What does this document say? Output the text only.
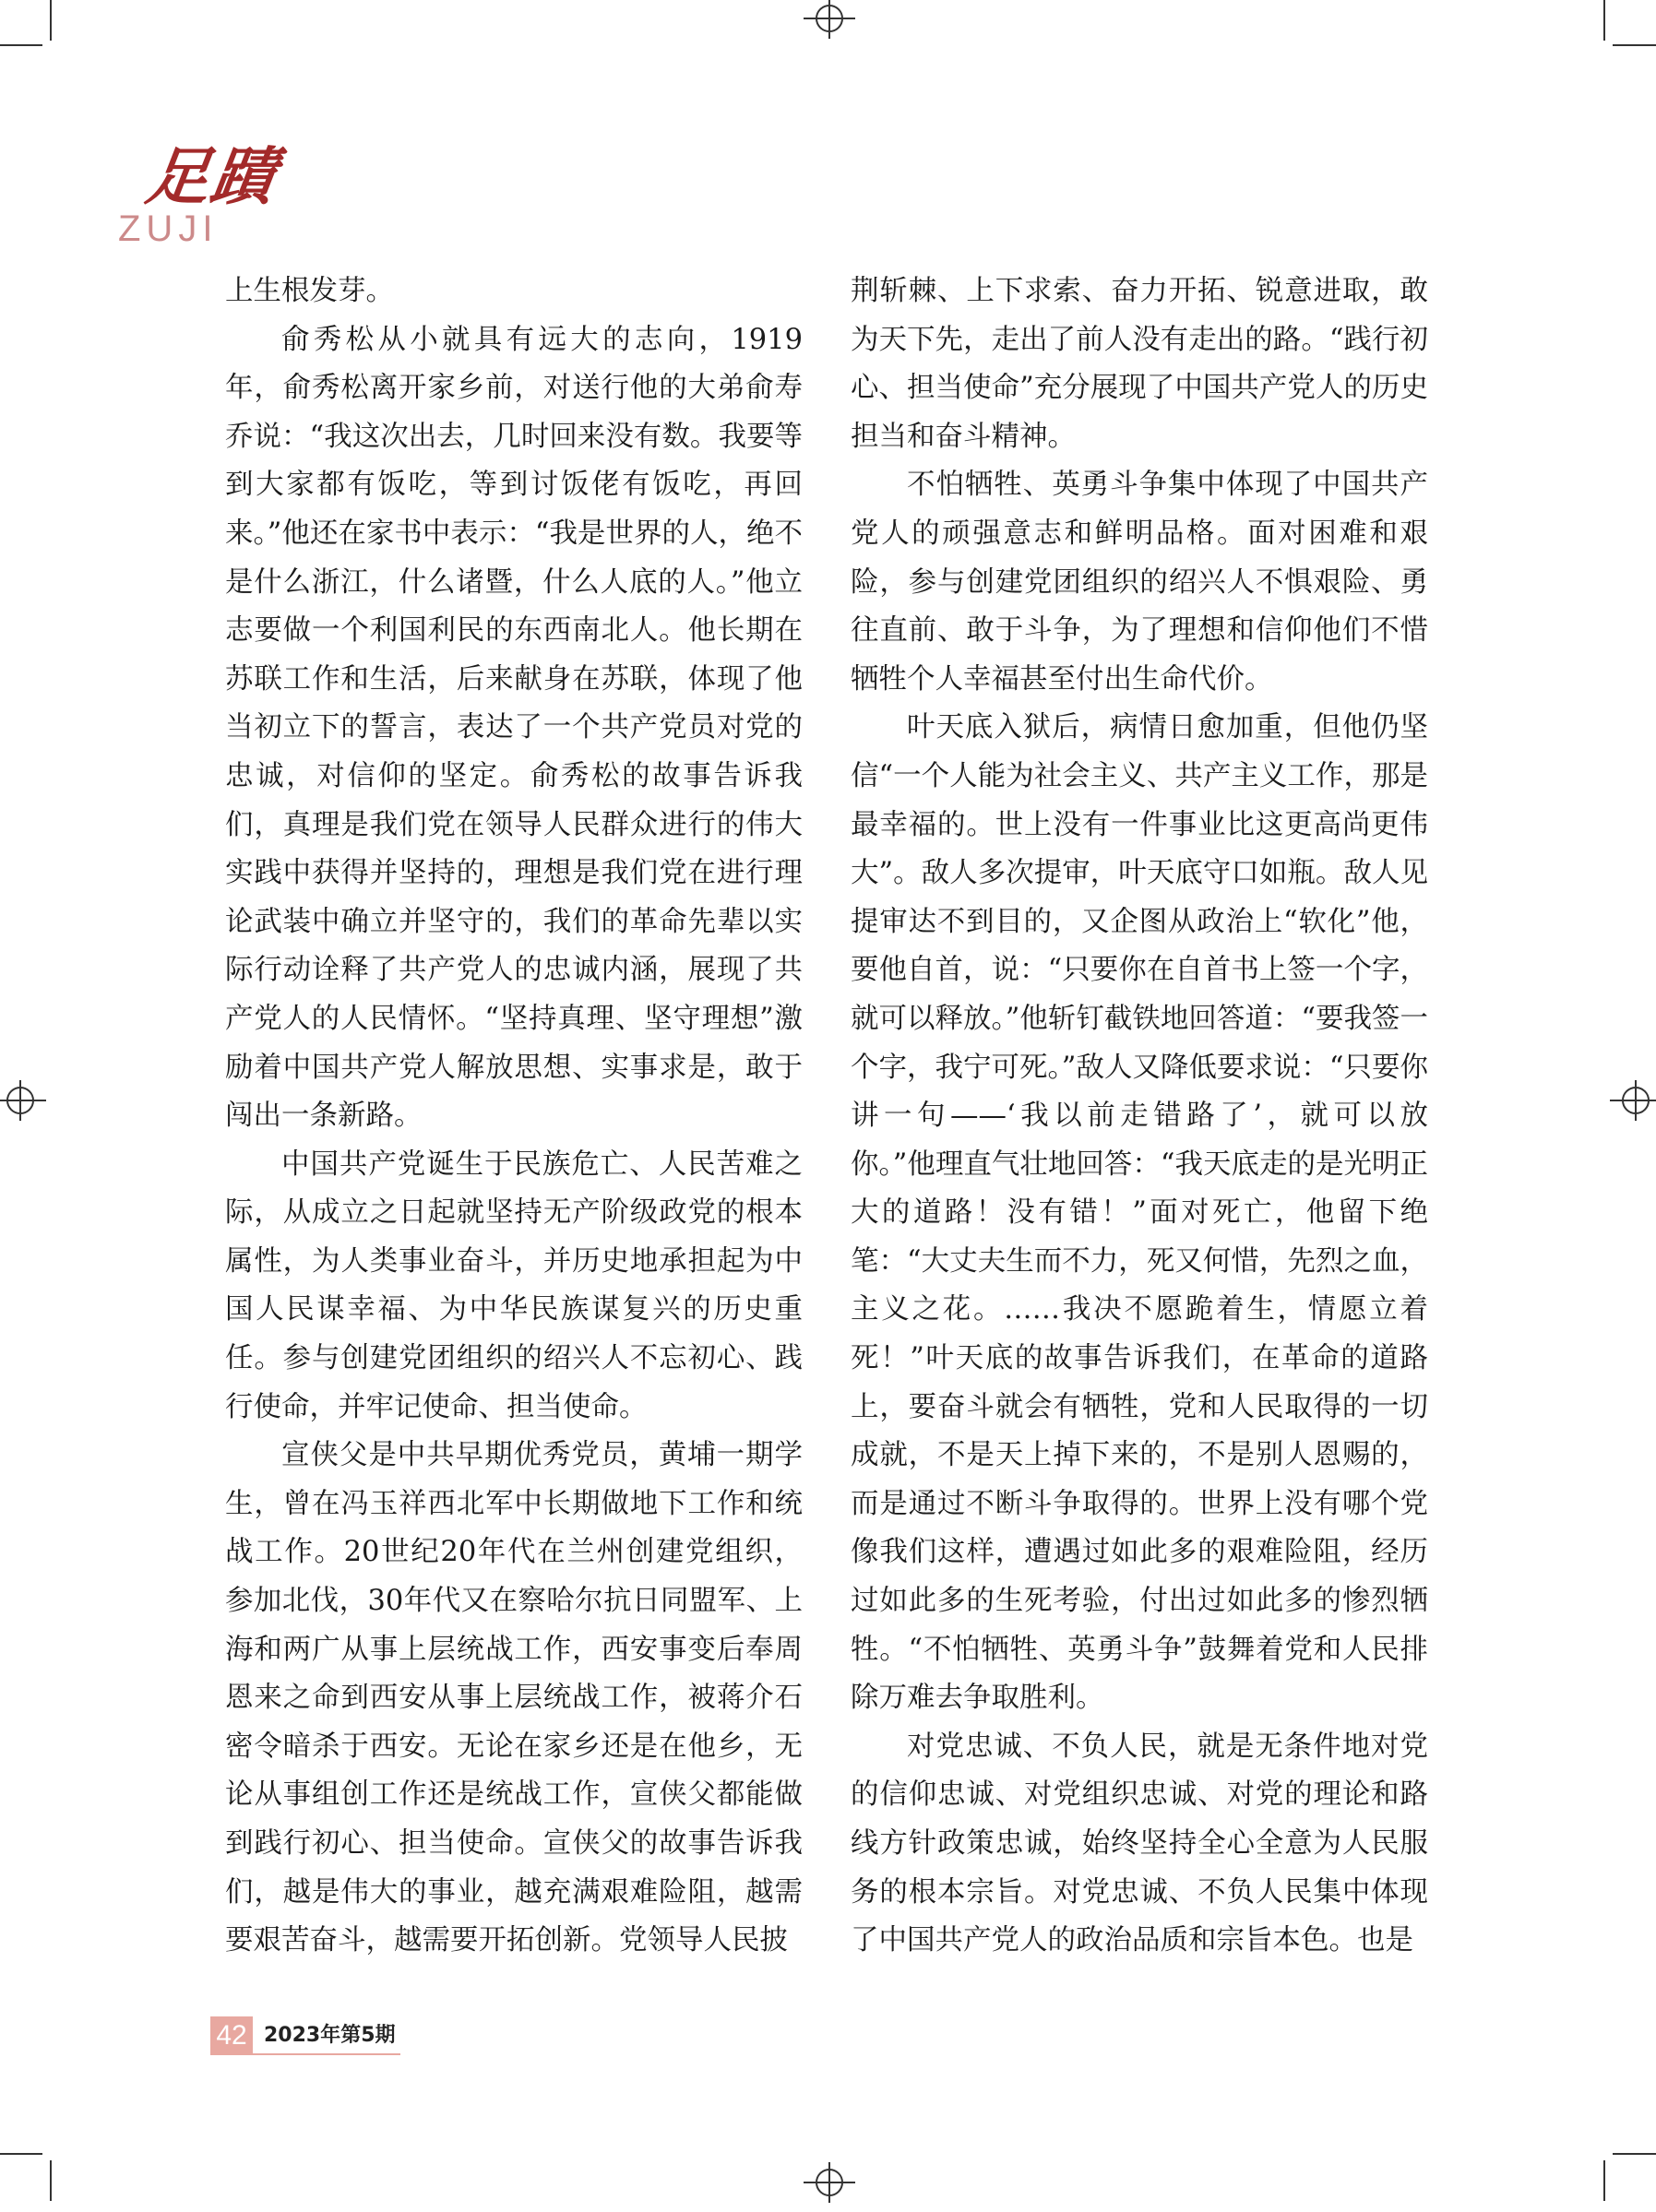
足蹟
ZUJI

上生根发芽。

俞秀松从小就具有远大的志向，1919年，俞秀松离开家乡前，对送行他的大弟俞寿乔说：“我这次出去，几时回来没有数。我要等到大家都有饭吃，等到讨饭佬有饭吃，再回来。”他还在家书中表示：“我是世界的人，绝不是什么浙江，什么诸暨，什么人底的人。”他立志要做一个利国利民的东西南北人。他长期在苏联工作和生活，后来献身在苏联，体现了他当初立下的誓言，表达了一个共产党员对党的忠诚，对信仰的坚定。俞秀松的故事告诉我们，真理是我们党在领导人民群众进行的伟大实践中获得并坚持的，理想是我们党在进行理论武装中确立并坚守的，我们的革命先辈以实际行动诠释了共产党人的忠诚内涵，展现了共产党人的人民情怀。“坚持真理、坚守理想”激励着中国共产党人解放思想、实事求是，敢于闯出一条新路。

中国共产党诞生于民族危亡、人民苦难之际，从成立之日起就坚持无产阶级政党的根本属性，为人类事业奋斗，并历史地承担起为中国人民谋幸福、为中华民族谋复兴的历史重任。参与创建党团组织的绍兴人不忘初心、践行使命，并牢记使命、担当使命。

宣侠父是中共早期优秀党员，黄埔一期学生，曾在冯玉祥西北军中长期做地下工作和统战工作。20世纪20年代在兰州创建党组织，参加北伐，30年代又在察哈尔抗日同盟军、上海和两广从事上层统战工作，西安事变后奉周恩来之命到西安从事上层统战工作，被蒋介石密令暗杀于西安。无论在家乡还是在他乡，无论从事组创工作还是统战工作，宣侠父都能做到践行初心、担当使命。宣侠父的故事告诉我们，越是伟大的事业，越充满艰难险阻，越需要艰苦奋斗，越需要开拓创新。党领导人民披

荆斩棘、上下求索、奋力开拓、锐意进取，敢为天下先，走出了前人没有走出的路。“践行初心、担当使命”充分展现了中国共产党人的历史担当和奋斗精神。

不怕牺牲、英勇斗争集中体现了中国共产党人的顽强意志和鲜明品格。面对困难和艰险，参与创建党团组织的绍兴人不惧艰险、勇往直前、敢于斗争，为了理想和信仰他们不惜牺牲个人幸福甚至付出生命代价。

叶天底入狱后，病情日愈加重，但他仍坚信“一个人能为社会主义、共产主义工作，那是最幸福的。世上没有一件事业比这更高尚更伟大”。敌人多次提审，叶天底守口如瓶。敌人见提审达不到目的，又企图从政治上“软化”他，要他自首，说：“只要你在自首书上签一个字，就可以释放。”他斩钉截铁地回答道：“要我签一个字，我宁可死。”敌人又降低要求说：“只要你讲一句——‘我以前走错路了’，就可以放你。”他理直气壮地回答：“我天底走的是光明正大的道路！没有错！”面对死亡，他留下绝笔：“大丈夫生而不力，死又何惜，先烈之血，主义之花。……我决不愿跪着生，情愿立着死！”叶天底的故事告诉我们，在革命的道路上，要奋斗就会有牺牲，党和人民取得的一切成就，不是天上掉下来的，不是别人恩赐的，而是通过不断斗争取得的。世界上没有哪个党像我们这样，遭遇过如此多的艰难险阻，经历过如此多的生死考验，付出过如此多的惨烈牺牲。“不怕牺牲、英勇斗争”鼓舞着党和人民排除万难去争取胜利。

对党忠诚、不负人民，就是无条件地对党的信仰忠诚、对党组织忠诚、对党的理论和路线方针政策忠诚，始终坚持全心全意为人民服务的根本宗旨。对党忠诚、不负人民集中体现了中国共产党人的政治品质和宗旨本色。也是

42 2023年第5期
